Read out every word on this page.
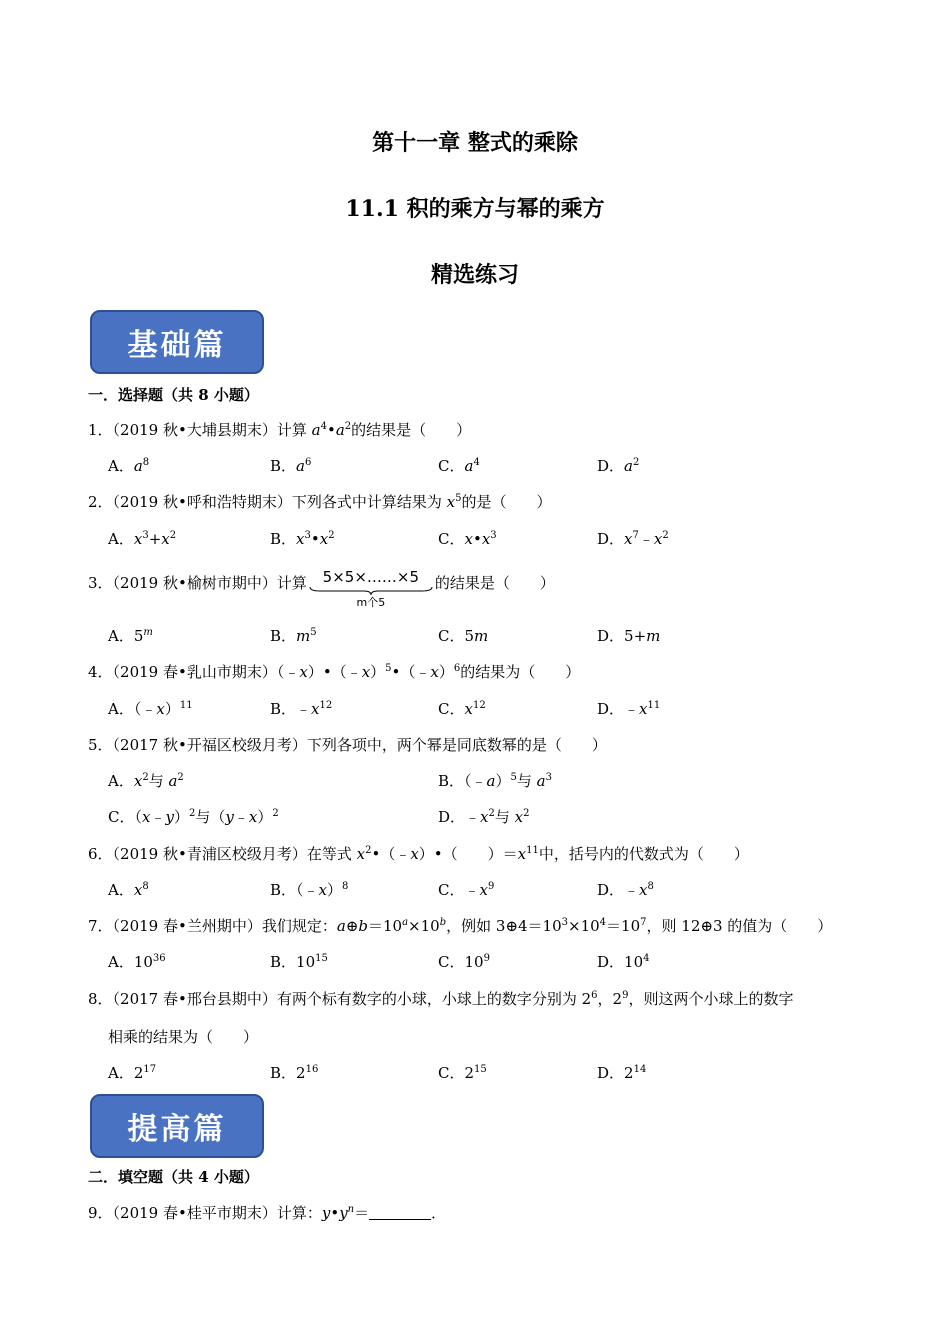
第十一章 整式的乘除
11.1 积的乘方与幂的乘方
精选练习
基础篇
一．选择题（共 8 小题）
1．（2019 秋•大埔县期末）计算 $a^4•a^2$的结果是（　　）
A．$a^8$	B．$a^6$	C．$a^4$	D．$a^2$
2．（2019 秋•呼和浩特期末）下列各式中计算结果为 $x^5$的是（　　）
A．$x^3+x^2$	B．$x^3•x^2$	C．$x•x^3$	D．$x^7﹣x^2$
3．（2019 秋•榆树市期中）计算	5×5×……×5
m个5
的结果是（　　）
A．5$^m$	B．$m^5$	C．5m	D．5+m
4．（2019 春•乳山市期末）（﹣x）•（﹣x）$^5$•（﹣x）$^6$的结果为（　　）
A．（﹣x）$^{11}$	B．$﹣x^{12}$	C．$x^{12}$	D．$﹣x^{11}$
5．（2017 秋•开福区校级月考）下列各项中，两个幂是同底数幂的是（　　）
A．$x^2$与 $a^2$	B．（﹣a）$^5$与 $a^3$
C．（x﹣y）$^2$与（y﹣x）$^2$	D．$﹣x^2$与 $x^2$
6．（2019 秋•青浦区校级月考）在等式 $x^2•(﹣x)•$（　　）$=x^{11}$中，括号内的代数式为（　　）
A．$x^8$	B．（﹣x）$^8$	C．$﹣x^9$	D．$﹣x^8$
7．（2019 春•兰州期中）我们规定：$a\oplus b=10^a\times 10^b$，例如 $3\oplus 4=10^3\times 10^4=10^7$，则 12⊕3 的值为（　　）
A．$10^{36}$	B．$10^{15}$	C．$10^9$	D．$10^4$
8．（2017 春•邢台县期中）有两个标有数字的小球，小球上的数字分别为 $2^6$，$2^9$，则这两个小球上的数字
相乘的结果为（　　）
A．$2^{17}$	B．$2^{16}$	C．$2^{15}$	D．$2^{14}$
提高篇
二．填空题（共 4 小题）
9．（2019 春•桂平市期末）计算：$y•y^n=$	．
